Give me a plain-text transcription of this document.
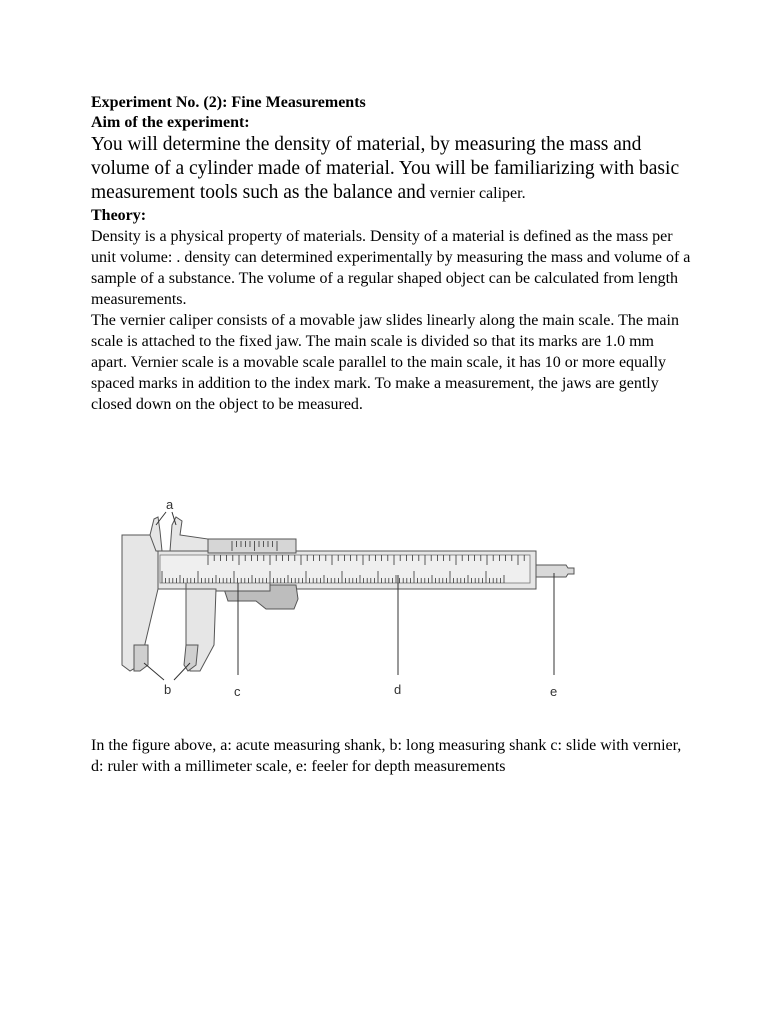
Experiment No. (2): Fine Measurements

Aim of the experiment:

You will determine the density of material, by measuring the mass and volume of a cylinder made of material. You will be familiarizing with basic measurement tools such as the balance and vernier caliper.

Theory:

Density is a physical property of materials. Density of a material is defined as the mass per unit volume: . density can determined experimentally by measuring the mass and volume of a sample of a substance. The volume of a regular shaped object can be calculated from length measurements.

The vernier caliper consists of a movable jaw slides linearly along the main scale. The main scale is attached to the fixed jaw. The main scale is divided so that its marks are 1.0 mm apart. Vernier scale is a movable scale parallel to the main scale, it has 10 or more equally spaced marks in addition to the index mark. To make a measurement, the jaws are gently closed down on the object to be measured.

a
b	c	d	e

In the figure above, a: acute measuring shank, b: long measuring shank c: slide with vernier, d: ruler with a millimeter scale, e: feeler for depth measurements
